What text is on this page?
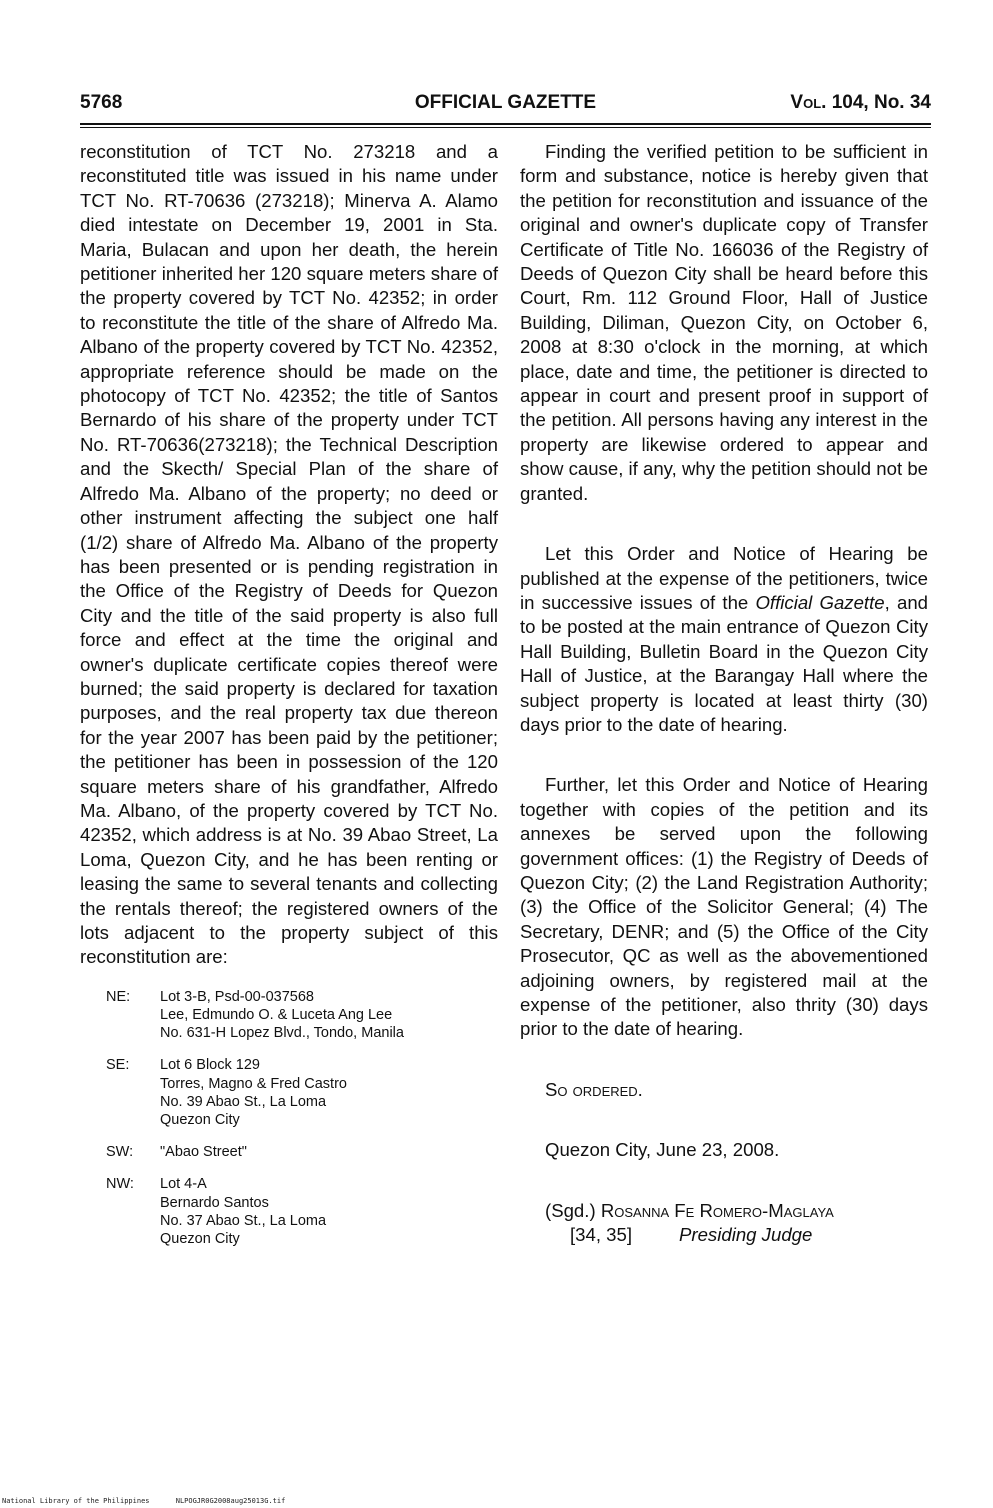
5768	OFFICIAL GAZETTE	Vol. 104, No. 34

reconstitution of TCT No. 273218 and a reconstituted title was issued in his name under TCT No. RT-70636 (273218); Minerva A. Alamo died intestate on December 19, 2001 in Sta. Maria, Bulacan and upon her death, the herein petitioner inherited her 120 square meters share of the property covered by TCT No. 42352; in order to reconstitute the title of the share of Alfredo Ma. Albano of the property covered by TCT No. 42352, appropriate reference should be made on the photocopy of TCT No. 42352; the title of Santos Bernardo of his share of the property under TCT No. RT-70636(273218); the Technical Description and the Skecth/ Special Plan of the share of Alfredo Ma. Albano of the property; no deed or other instrument affecting the subject one half (1/2) share of Alfredo Ma. Albano of the property has been presented or is pending registration in the Office of the Registry of Deeds for Quezon City and the title of the said property is also full force and effect at the time the original and owner's duplicate certificate copies thereof were burned; the said property is declared for taxation purposes, and the real property tax due thereon for the year 2007 has been paid by the petitioner; the petitioner has been in possession of the 120 square meters share of his grandfather, Alfredo Ma. Albano, of the property covered by TCT No. 42352, which address is at No. 39 Abao Street, La Loma, Quezon City, and he has been renting or leasing the same to several tenants and collecting the rentals thereof; the registered owners of the lots adjacent to the property subject of this reconstitution are:

NE:	Lot 3-B, Psd-00-037568
Lee, Edmundo O. & Luceta Ang Lee
No. 631-H Lopez Blvd., Tondo, Manila
SE:	Lot 6 Block 129
Torres, Magno & Fred Castro
No. 39 Abao St., La Loma
Quezon City
SW:	"Abao Street"
NW:	Lot 4-A
Bernardo Santos
No. 37 Abao St., La Loma
Quezon City

Finding the verified petition to be sufficient in form and substance, notice is hereby given that the petition for reconstitution and issuance of the original and owner's duplicate copy of Transfer Certificate of Title No. 166036 of the Registry of Deeds of Quezon City shall be heard before this Court, Rm. 112 Ground Floor, Hall of Justice Building, Diliman, Quezon City, on October 6, 2008 at 8:30 o'clock in the morning, at which place, date and time, the petitioner is directed to appear in court and present proof in support of the petition. All persons having any interest in the property are likewise ordered to appear and show cause, if any, why the petition should not be granted.

Let this Order and Notice of Hearing be published at the expense of the petitioners, twice in successive issues of the Official Gazette, and to be posted at the main entrance of Quezon City Hall Building, Bulletin Board in the Quezon City Hall of Justice, at the Barangay Hall where the subject property is located at least thirty (30) days prior to the date of hearing.

Further, let this Order and Notice of Hearing together with copies of the petition and its annexes be served upon the following government offices: (1) the Registry of Deeds of Quezon City; (2) the Land Registration Authority; (3) the Office of the Solicitor General; (4) The Secretary, DENR; and (5) the Office of the City Prosecutor, QC as well as the abovementioned adjoining owners, by registered mail at the expense of the petitioner, also thrity (30) days prior to the date of hearing.

So ordered.

Quezon City, June 23, 2008.

(Sgd.) Rosanna Fe Romero-Maglaya

[34, 35]	Presiding Judge

National Library of the Philippines	NLPOGJR0G2008aug25013G.tif
